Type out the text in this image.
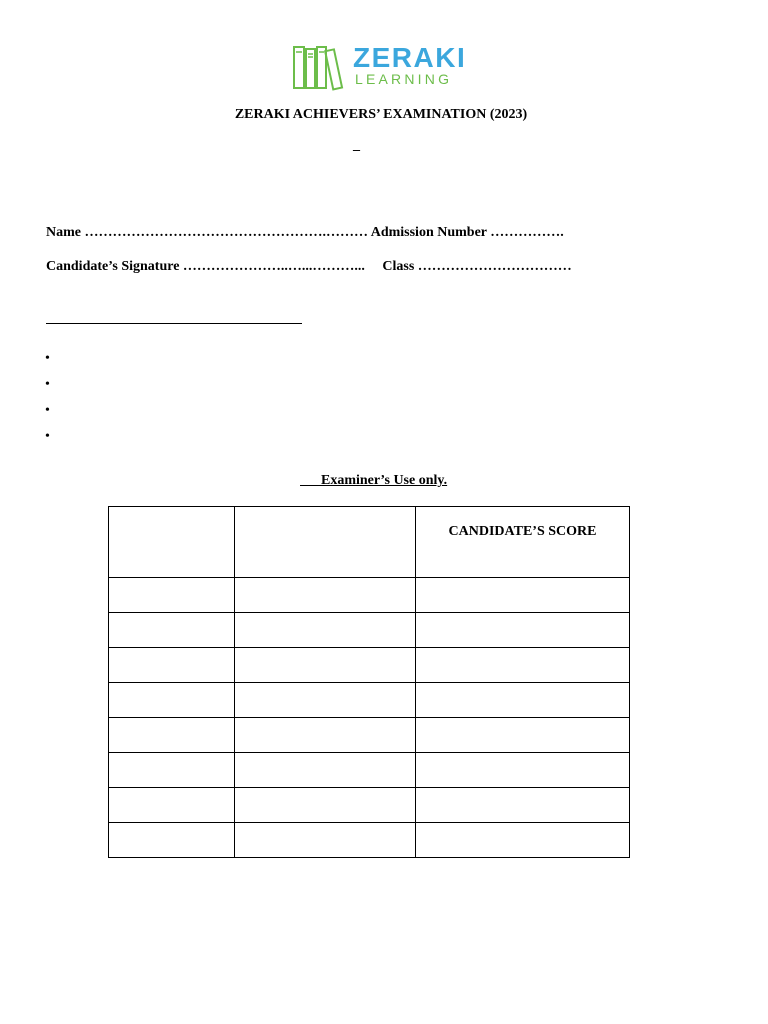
ZERAKI
LEARNING
ZERAKI ACHIEVERS’ EXAMINATION (2023)
_
Name …………………………………………….……… Admission Number …………….
Candidate’s Signature …………………..…...………...     Class ……………………………
•
•
•
•
Examiner’s Use only.

		CANDIDATE’S SCORE
